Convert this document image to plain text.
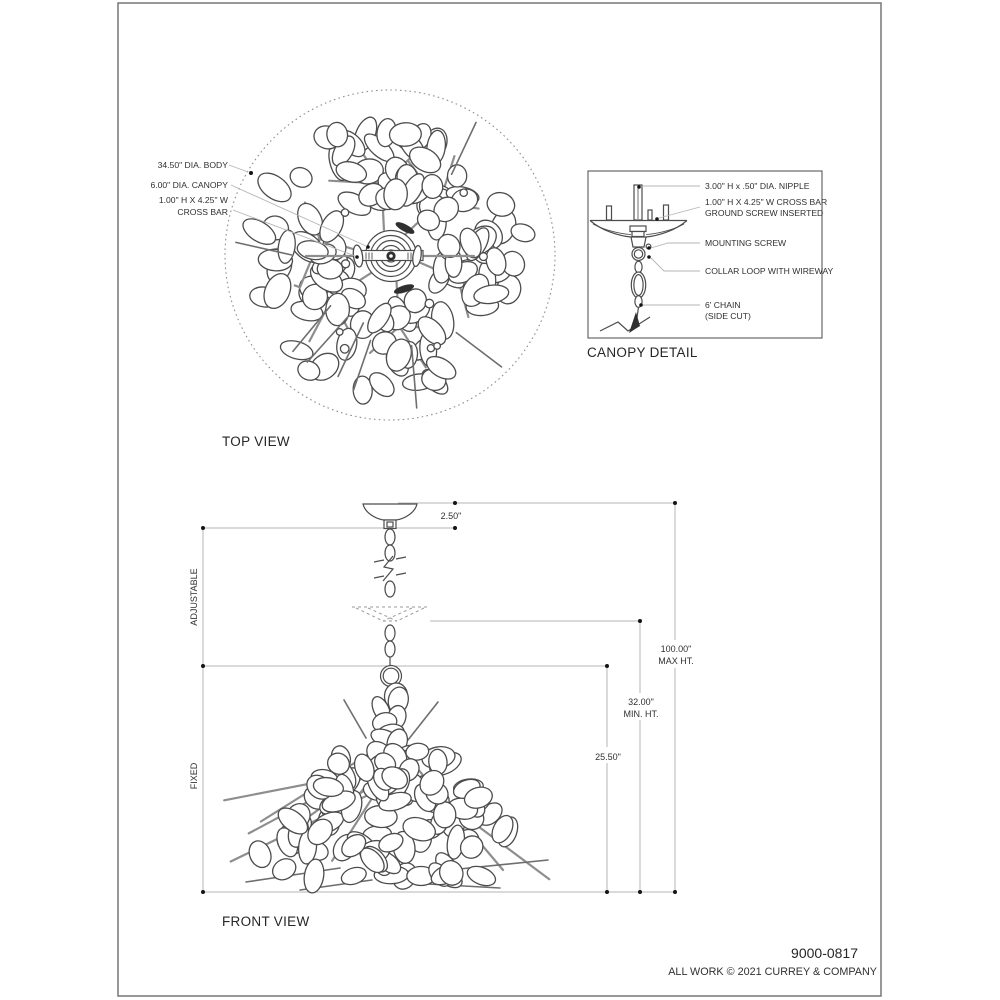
34.50" DIA. BODY
6.00" DIA. CANOPY
1.00" H X 4.25" W
CROSS BAR
TOP VIEW
3.00" H x .50" DIA. NIPPLE
1.00" H X 4.25" W CROSS BAR
GROUND SCREW INSERTED
MOUNTING SCREW
COLLAR LOOP WITH WIREWAY
6' CHAIN
(SIDE CUT)
CANOPY DETAIL
2.50"
100.00"
MAX HT.
32.00"
MIN. HT.
25.50"
ADJUSTABLE
FIXED
FRONT VIEW
9000-0817
ALL WORK © 2021 CURREY & COMPANY
